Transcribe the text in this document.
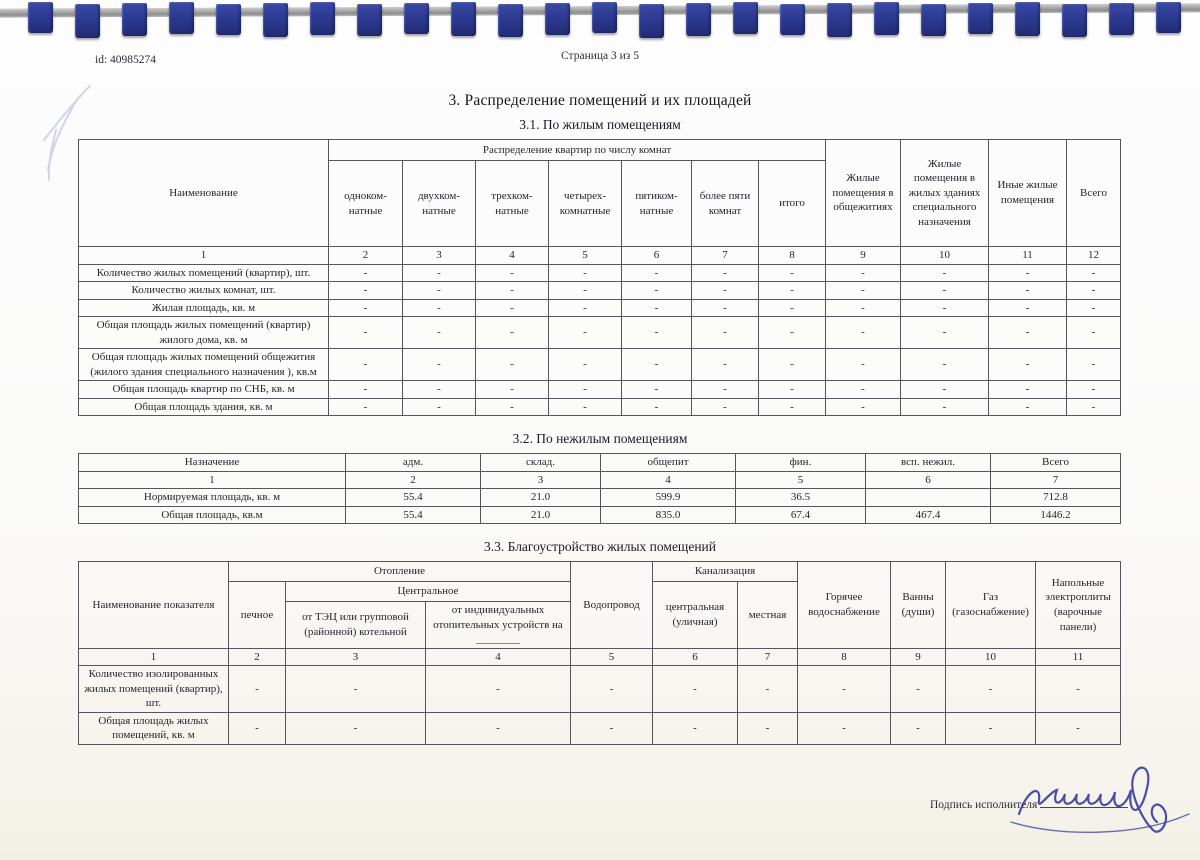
id: 40985274	Страница 3 из 5
3. Распределение помещений и их площадей
3.1. По жилым помещениям
Наименование	Распределение квартир по числу комнат							Жилые помещения в общежитиях	Жилые помещения в жилых зданиях специального назначения	Иные жилые помещения	Всего
	одноком-натные	двухком-натные	трехком-натные	четырех-комнатные	пятиком-натные	более пяти комнат	итого				
1	2	3	4	5	6	7	8	9	10	11	12
Количество жилых помещений (квартир), шт.	-	-	-	-	-	-	-	-	-	-	-
Количество жилых комнат, шт.	-	-	-	-	-	-	-	-	-	-	-
Жилая площадь, кв. м	-	-	-	-	-	-	-	-	-	-	-
Общая площадь жилых помещений (квартир) жилого дома, кв. м	-	-	-	-	-	-	-	-	-	-	-
Общая площадь жилых помещений общежития (жилого здания специального назначения ), кв.м	-	-	-	-	-	-	-	-	-	-	-
Общая площадь квартир по СНБ, кв. м	-	-	-	-	-	-	-	-	-	-	-
Общая площадь здания, кв. м	-	-	-	-	-	-	-	-	-	-	-
3.2. По нежилым помещениям
Назначение	адм.	склад.	общепит	фин.	всп. нежил.	Всего
1	2	3	4	5	6	7
Нормируемая площадь, кв. м	55.4	21.0	599.9	36.5		712.8
Общая площадь, кв.м	55.4	21.0	835.0	67.4	467.4	1446.2
3.3. Благоустройство жилых помещений
Наименование показателя	Отопление			Водопровод	Канализация		Горячее водоснабжение	Ванны (души)	Газ (газоснабжение)	Напольные электроплиты (варочные панели)
	печное	Центральное			центральная (уличная)	местная				
		от ТЭЦ или групповой (районной) котельной	от индивидуальных отопительных устройств на ________							
1	2	3	4	5	6	7	8	9	10	11
Количество изолированных жилых помещений (квартир), шт.	-	-	-	-	-	-	-	-	-	-
Общая площадь жилых помещений, кв. м	-	-	-	-	-	-	-	-	-	-
Подпись исполнителя
